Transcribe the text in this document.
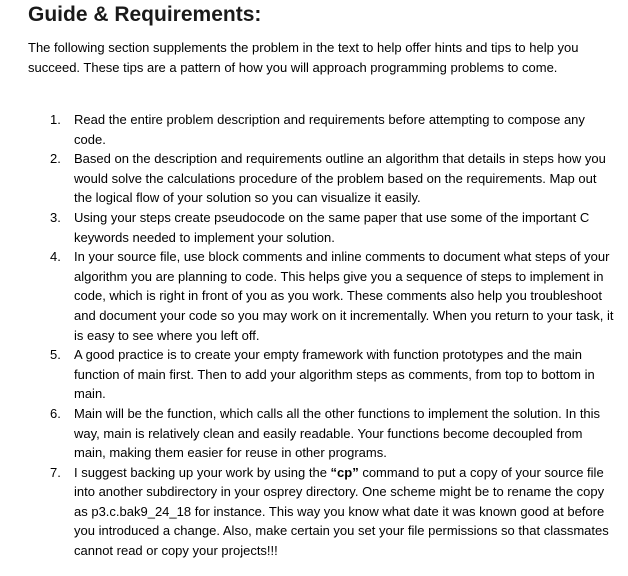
Guide & Requirements:

The following section supplements the problem in the text to help offer hints and tips to help you succeed. These tips are a pattern of how you will approach programming problems to come.

1. Read the entire problem description and requirements before attempting to compose any code.
2. Based on the description and requirements outline an algorithm that details in steps how you would solve the calculations procedure of the problem based on the requirements. Map out the logical flow of your solution so you can visualize it easily.
3. Using your steps create pseudocode on the same paper that use some of the important C keywords needed to implement your solution.
4. In your source file, use block comments and inline comments to document what steps of your algorithm you are planning to code. This helps give you a sequence of steps to implement in code, which is right in front of you as you work. These comments also help you troubleshoot and document your code so you may work on it incrementally. When you return to your task, it is easy to see where you left off.
5. A good practice is to create your empty framework with function prototypes and the main function of main first. Then to add your algorithm steps as comments, from top to bottom in main.
6. Main will be the function, which calls all the other functions to implement the solution. In this way, main is relatively clean and easily readable. Your functions become decoupled from main, making them easier for reuse in other programs.
7. I suggest backing up your work by using the “cp” command to put a copy of your source file into another subdirectory in your osprey directory. One scheme might be to rename the copy as p3.c.bak9_24_18 for instance. This way you know what date it was known good at before you introduced a change. Also, make certain you set your file permissions so that classmates cannot read or copy your projects!!!
